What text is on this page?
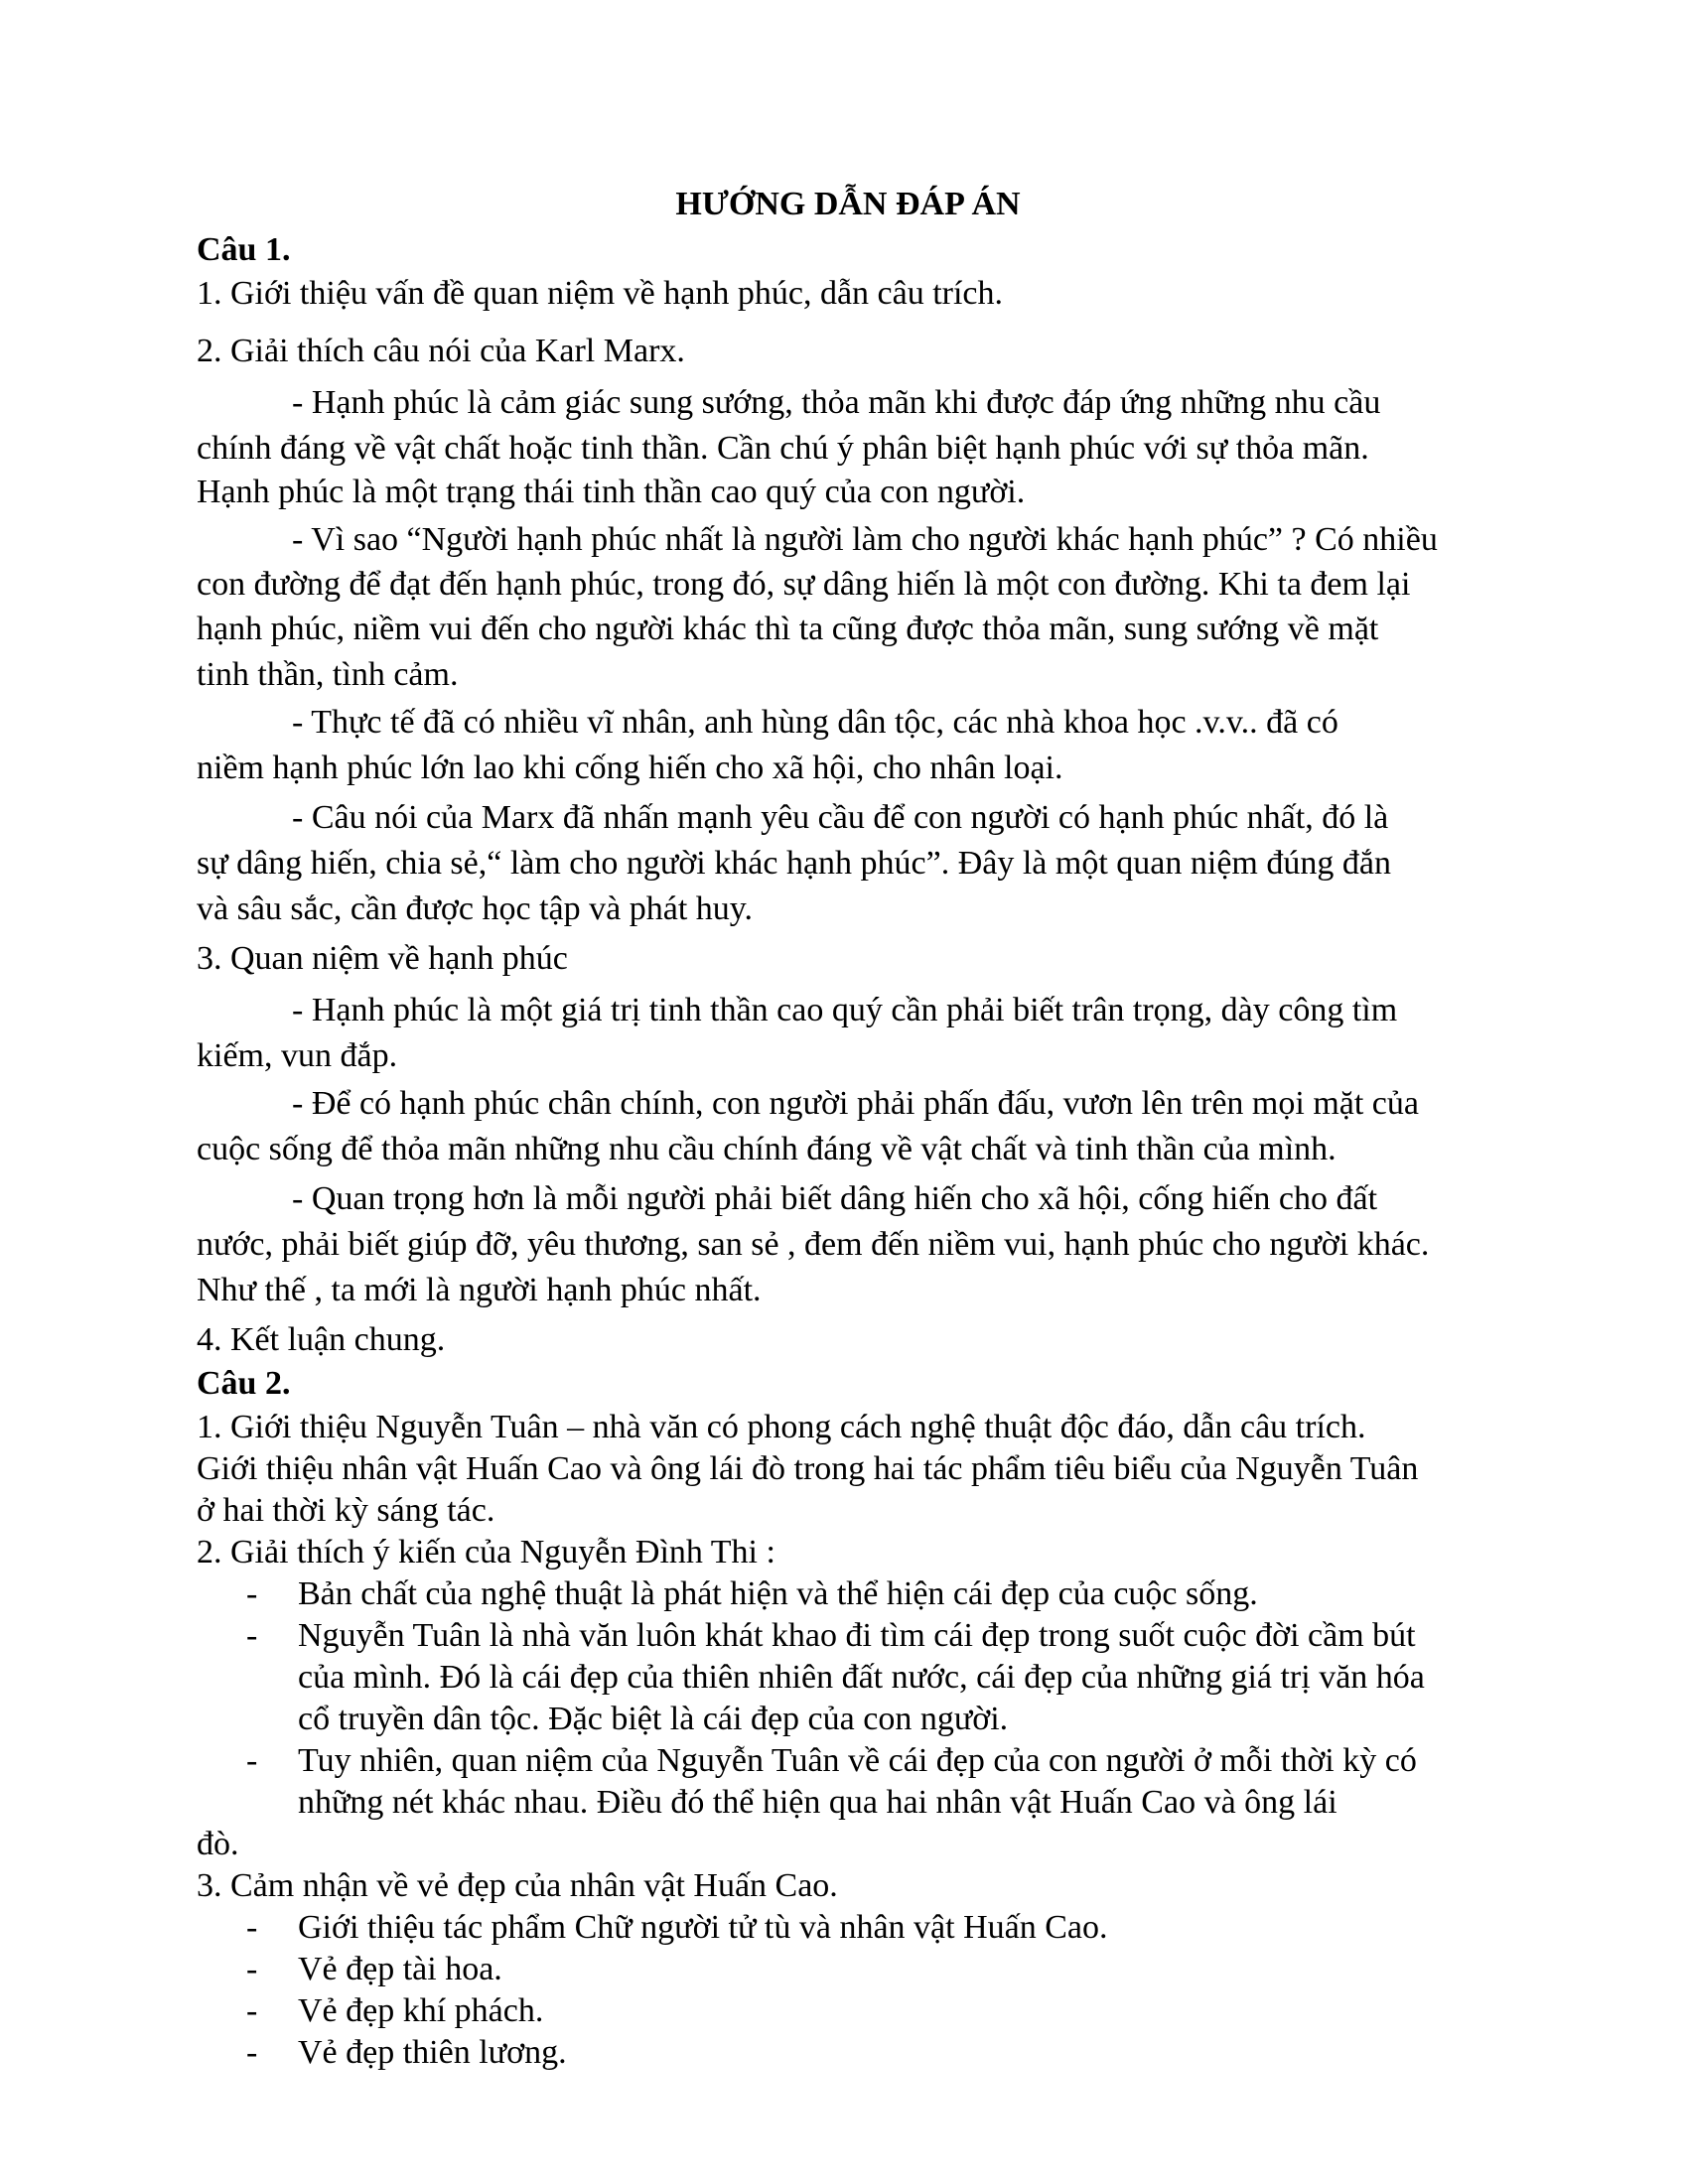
HƯỚNG DẪN ĐÁP ÁN
Câu 1.
1. Giới thiệu vấn đề quan niệm về hạnh phúc, dẫn câu trích.
2. Giải thích câu nói của Karl Marx.
- Hạnh phúc là cảm giác sung sướng, thỏa mãn khi được đáp ứng những nhu cầu
chính đáng về vật chất hoặc tinh thần. Cần chú ý phân biệt hạnh phúc với sự thỏa mãn.
Hạnh phúc là một trạng thái tinh thần cao quý của con người.
- Vì sao “Người hạnh phúc nhất là người làm cho người khác hạnh phúc” ? Có nhiều
con đường để đạt đến hạnh phúc, trong đó, sự dâng hiến là một con đường. Khi ta đem lại
hạnh phúc, niềm vui đến cho người khác thì ta cũng được thỏa mãn, sung sướng về mặt
tinh thần, tình cảm.
- Thực tế đã có nhiều vĩ nhân, anh hùng dân tộc, các nhà khoa học .v.v.. đã có
niềm hạnh phúc lớn lao khi cống hiến cho xã hội, cho nhân loại.
- Câu nói của Marx đã nhấn mạnh yêu cầu để con người có hạnh phúc nhất, đó là
sự dâng hiến, chia sẻ,“ làm cho người khác hạnh phúc”. Đây là một quan niệm đúng đắn
và sâu sắc, cần được học tập và phát huy.
3. Quan niệm về hạnh phúc
- Hạnh phúc là một giá trị tinh thần cao quý cần phải biết trân trọng, dày công tìm
kiếm, vun đắp.
- Để có hạnh phúc chân chính, con người phải phấn đấu, vươn lên trên mọi mặt của
cuộc sống để thỏa mãn những nhu cầu chính đáng về vật chất và tinh thần của mình.
- Quan trọng hơn là mỗi người phải biết dâng hiến cho xã hội, cống hiến cho đất
nước, phải biết giúp đỡ, yêu thương, san sẻ , đem đến niềm vui, hạnh phúc cho người khác.
Như thế , ta mới là người hạnh phúc nhất.
4. Kết luận chung.
Câu 2.
1. Giới thiệu Nguyễn Tuân – nhà văn có phong cách nghệ thuật độc đáo, dẫn câu trích.
Giới thiệu nhân vật Huấn Cao và ông lái đò trong hai tác phẩm tiêu biểu của Nguyễn Tuân
ở hai thời kỳ sáng tác.
2. Giải thích ý kiến của Nguyễn Đình Thi :
- Bản chất của nghệ thuật là phát hiện và thể hiện cái đẹp của cuộc sống.
- Nguyễn Tuân là nhà văn luôn khát khao đi tìm cái đẹp trong suốt cuộc đời cầm bút
của mình. Đó là cái đẹp của thiên nhiên đất nước, cái đẹp của những giá trị văn hóa
cổ truyền dân tộc. Đặc biệt là cái đẹp của con người.
- Tuy nhiên, quan niệm của Nguyễn Tuân về cái đẹp của con người ở mỗi thời kỳ có
những nét khác nhau. Điều đó thể hiện qua hai nhân vật Huấn Cao và ông lái
đò.
3. Cảm nhận về vẻ đẹp của nhân vật Huấn Cao.
- Giới thiệu tác phẩm Chữ người tử tù và nhân vật Huấn Cao.
- Vẻ đẹp tài hoa.
- Vẻ đẹp khí phách.
- Vẻ đẹp thiên lương.
